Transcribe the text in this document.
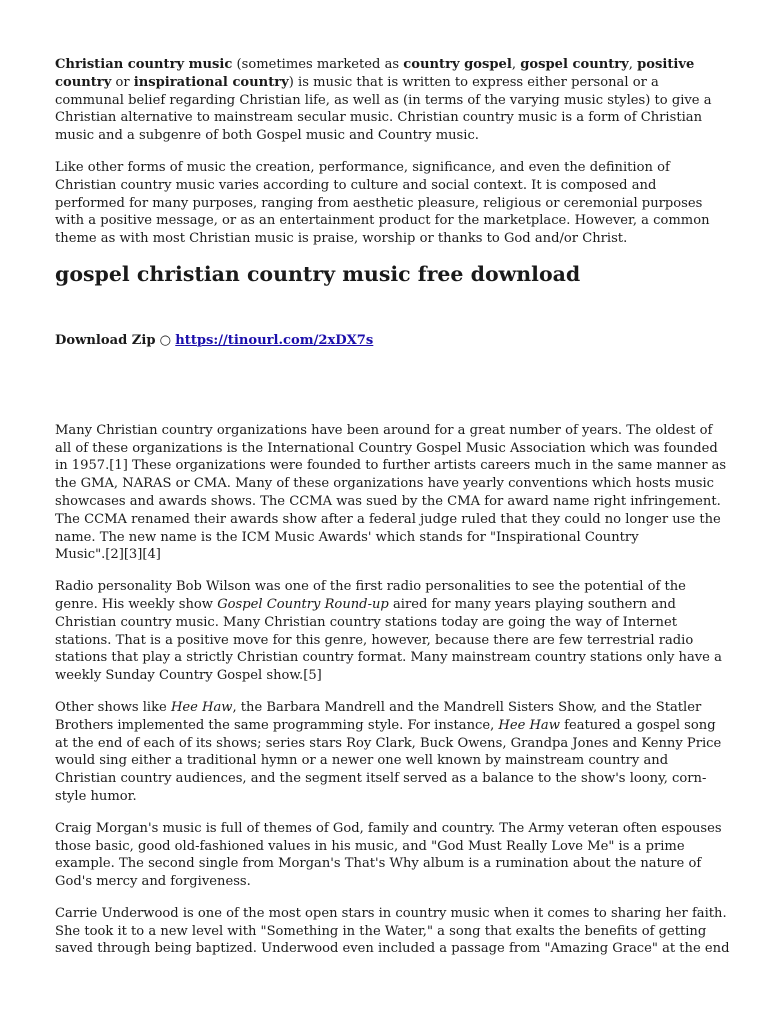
Christian country music (sometimes marketed as country gospel, gospel country, positive
country or inspirational country) is music that is written to express either personal or a
communal belief regarding Christian life, as well as (in terms of the varying music styles) to give a
Christian alternative to mainstream secular music. Christian country music is a form of Christian
music and a subgenre of both Gospel music and Country music.

Like other forms of music the creation, performance, significance, and even the definition of
Christian country music varies according to culture and social context. It is composed and
performed for many purposes, ranging from aesthetic pleasure, religious or ceremonial purposes
with a positive message, or as an entertainment product for the marketplace. However, a common
theme as with most Christian music is praise, worship or thanks to God and/or Christ.

gospel christian country music free download
Download Zip ○ https://tinourl.com/2xDX7s

Many Christian country organizations have been around for a great number of years. The oldest of
all of these organizations is the International Country Gospel Music Association which was founded
in 1957.[1] These organizations were founded to further artists careers much in the same manner as
the GMA, NARAS or CMA. Many of these organizations have yearly conventions which hosts music
showcases and awards shows. The CCMA was sued by the CMA for award name right infringement.
The CCMA renamed their awards show after a federal judge ruled that they could no longer use the
name. The new name is the ICM Music Awards' which stands for "Inspirational Country
Music".[2][3][4]

Radio personality Bob Wilson was one of the first radio personalities to see the potential of the
genre. His weekly show Gospel Country Round-up aired for many years playing southern and
Christian country music. Many Christian country stations today are going the way of Internet
stations. That is a positive move for this genre, however, because there are few terrestrial radio
stations that play a strictly Christian country format. Many mainstream country stations only have a
weekly Sunday Country Gospel show.[5]

Other shows like Hee Haw, the Barbara Mandrell and the Mandrell Sisters Show, and the Statler
Brothers implemented the same programming style. For instance, Hee Haw featured a gospel song
at the end of each of its shows; series stars Roy Clark, Buck Owens, Grandpa Jones and Kenny Price
would sing either a traditional hymn or a newer one well known by mainstream country and
Christian country audiences, and the segment itself served as a balance to the show's loony, corn-
style humor.

Craig Morgan's music is full of themes of God, family and country. The Army veteran often espouses
those basic, good old-fashioned values in his music, and "God Must Really Love Me" is a prime
example. The second single from Morgan's That's Why album is a rumination about the nature of
God's mercy and forgiveness.

Carrie Underwood is one of the most open stars in country music when it comes to sharing her faith.
She took it to a new level with "Something in the Water," a song that exalts the benefits of getting
saved through being baptized. Underwood even included a passage from "Amazing Grace" at the end
